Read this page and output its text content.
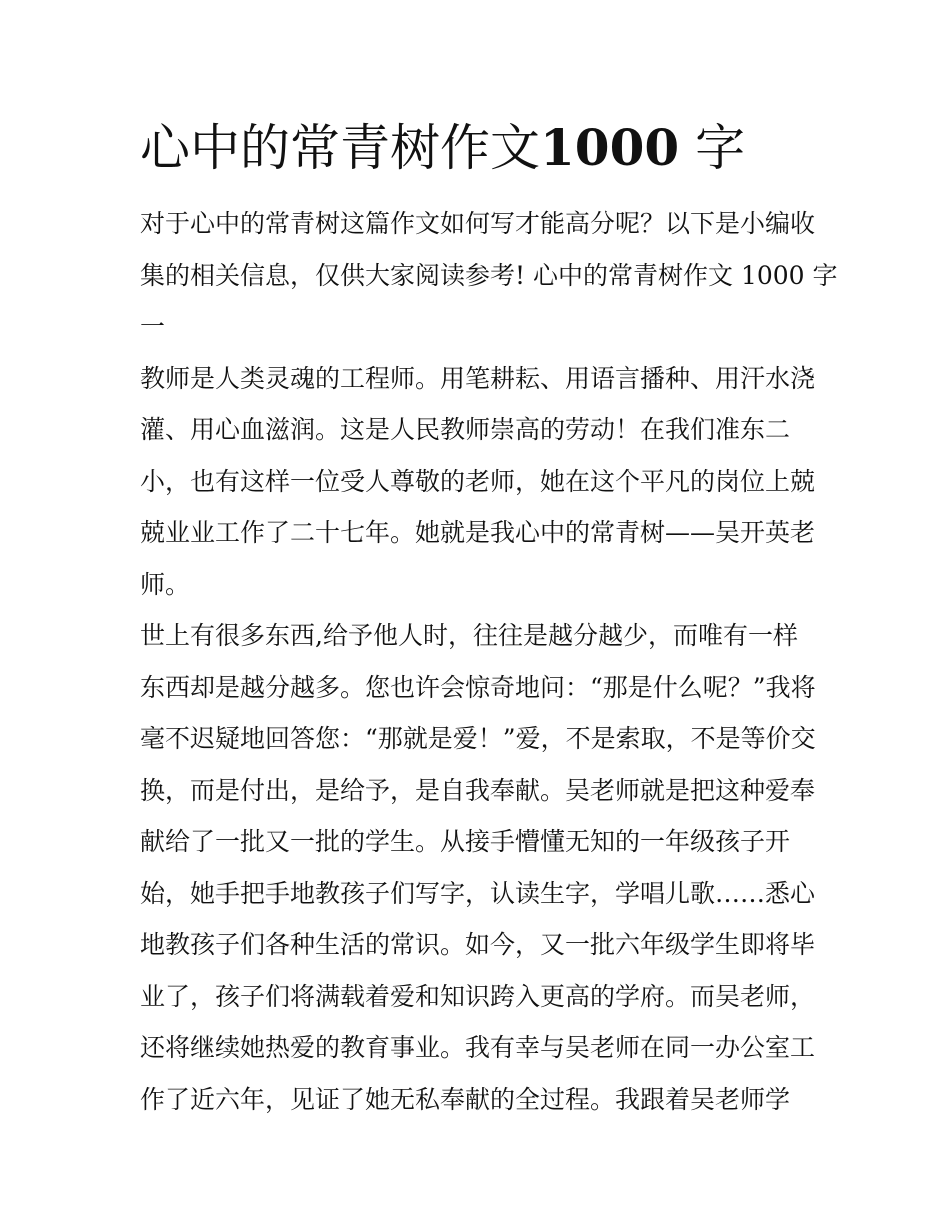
心中的常青树作文1000 字

对于心中的常青树这篇作文如何写才能高分呢？以下是小编收

集的相关信息，仅供大家阅读参考! 心中的常青树作文 1000 字

一

教师是人类灵魂的工程师。用笔耕耘、用语言播种、用汗水浇

灌、用心血滋润。这是人民教师崇高的劳动！在我们准东二

小，也有这样一位受人尊敬的老师，她在这个平凡的岗位上兢

兢业业工作了二十七年。她就是我心中的常青树——吴开英老

师。

世上有很多东西,给予他人时，往往是越分越少，而唯有一样

东西却是越分越多。您也许会惊奇地问：“那是什么呢？”我将

毫不迟疑地回答您：“那就是爱！”爱，不是索取，不是等价交

换，而是付出，是给予，是自我奉献。吴老师就是把这种爱奉

献给了一批又一批的学生。从接手懵懂无知的一年级孩子开

始，她手把手地教孩子们写字，认读生字，学唱儿歌……悉心

地教孩子们各种生活的常识。如今，又一批六年级学生即将毕

业了，孩子们将满载着爱和知识跨入更高的学府。而吴老师，

还将继续她热爱的教育事业。我有幸与吴老师在同一办公室工

作了近六年，见证了她无私奉献的全过程。我跟着吴老师学
